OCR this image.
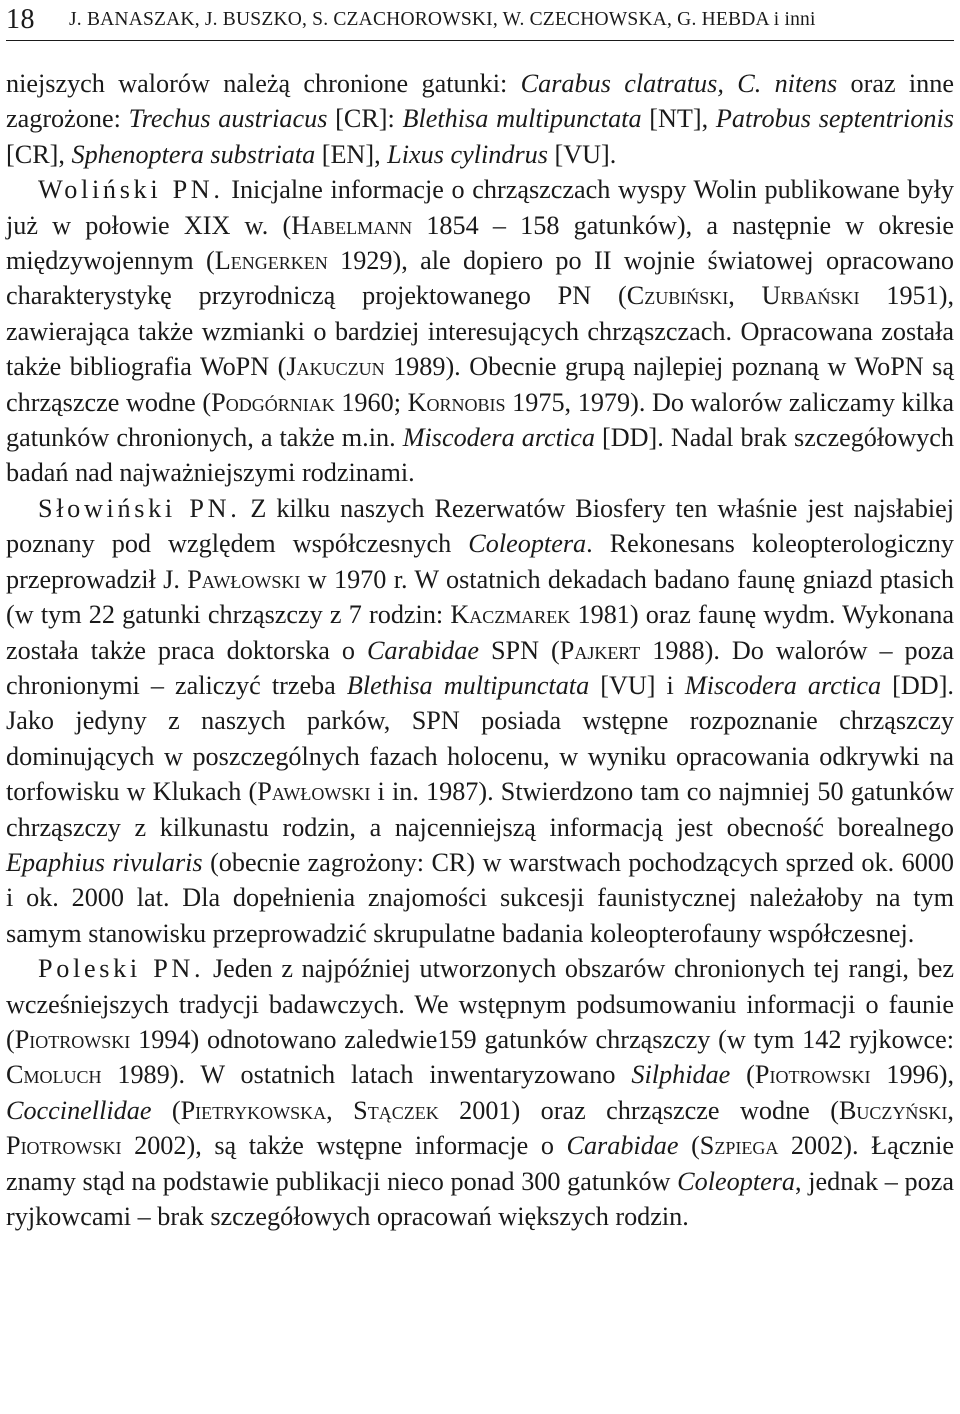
18 J. BANASZAK, J. BUSZKO, S. CZACHOROWSKI, W. CZECHOWSKA, G. HEBDA i inni

niejszych walorów należą chronione gatunki: Carabus clatratus, C. nitens oraz inne zagrożone: Trechus austriacus [CR]: Blethisa multipunctata [NT], Patrobus septentrionis [CR], Sphenoptera substriata [EN], Lixus cylindrus [VU].

Woliński PN. Inicjalne informacje o chrząszczach wyspy Wolin publikowane były już w połowie XIX w. (Habelmann 1854 – 158 gatunków), a następnie w okresie międzywojennym (Lengerken 1929), ale dopiero po II wojnie światowej opracowano charakterystykę przyrodniczą projektowanego PN (Czubiński, Urbański 1951), zawierająca także wzmianki o bardziej interesujących chrząszczach. Opracowana została także bibliografia WoPN (Jakuczun 1989). Obecnie grupą najlepiej poznaną w WoPN są chrząszcze wodne (Podgórniak 1960; Kornobis 1975, 1979). Do walorów zaliczamy kilka gatunków chronionych, a także m.in. Miscodera arctica [DD]. Nadal brak szczegółowych badań nad najważniejszymi rodzinami.

Słowiński PN. Z kilku naszych Rezerwatów Biosfery ten właśnie jest najsłabiej poznany pod względem współczesnych Coleoptera. Rekonesans koleopterologiczny przeprowadził J. Pawłowski w 1970 r. W ostatnich dekadach badano faunę gniazd ptasich (w tym 22 gatunki chrząszczy z 7 rodzin: Kaczmarek 1981) oraz faunę wydm. Wykonana została także praca doktorska o Carabidae SPN (Pajkert 1988). Do walorów – poza chronionymi – zaliczyć trzeba Blethisa multipunctata [VU] i Miscodera arctica [DD]. Jako jedyny z naszych parków, SPN posiada wstępne rozpoznanie chrząszczy dominujących w poszczególnych fazach holocenu, w wyniku opracowania odkrywki na torfowisku w Klukach (Pawłowski i in. 1987). Stwierdzono tam co najmniej 50 gatunków chrząszczy z kilkunastu rodzin, a najcenniejszą informacją jest obecność borealnego Epaphius rivularis (obecnie zagrożony: CR) w warstwach pochodzących sprzed ok. 6000 i ok. 2000 lat. Dla dopełnienia znajomości sukcesji faunistycznej należałoby na tym samym stanowisku przeprowadzić skrupulatne badania koleopterofauny współczesnej.

Poleski PN. Jeden z najpóźniej utworzonych obszarów chronionych tej rangi, bez wcześniejszych tradycji badawczych. We wstępnym podsumowaniu informacji o faunie (Piotrowski 1994) odnotowano zaledwie159 gatunków chrząszczy (w tym 142 ryjkowce: Cmoluch 1989). W ostatnich latach inwentaryzowano Silphidae (Piotrowski 1996), Coccinellidae (Pietrykowska, Stączek 2001) oraz chrząszcze wodne (Buczyński, Piotrowski 2002), są także wstępne informacje o Carabidae (Szpiega 2002). Łącznie znamy stąd na podstawie publikacji nieco ponad 300 gatunków Coleoptera, jednak – poza ryjkowcami – brak szczegółowych opracowań większych rodzin.
